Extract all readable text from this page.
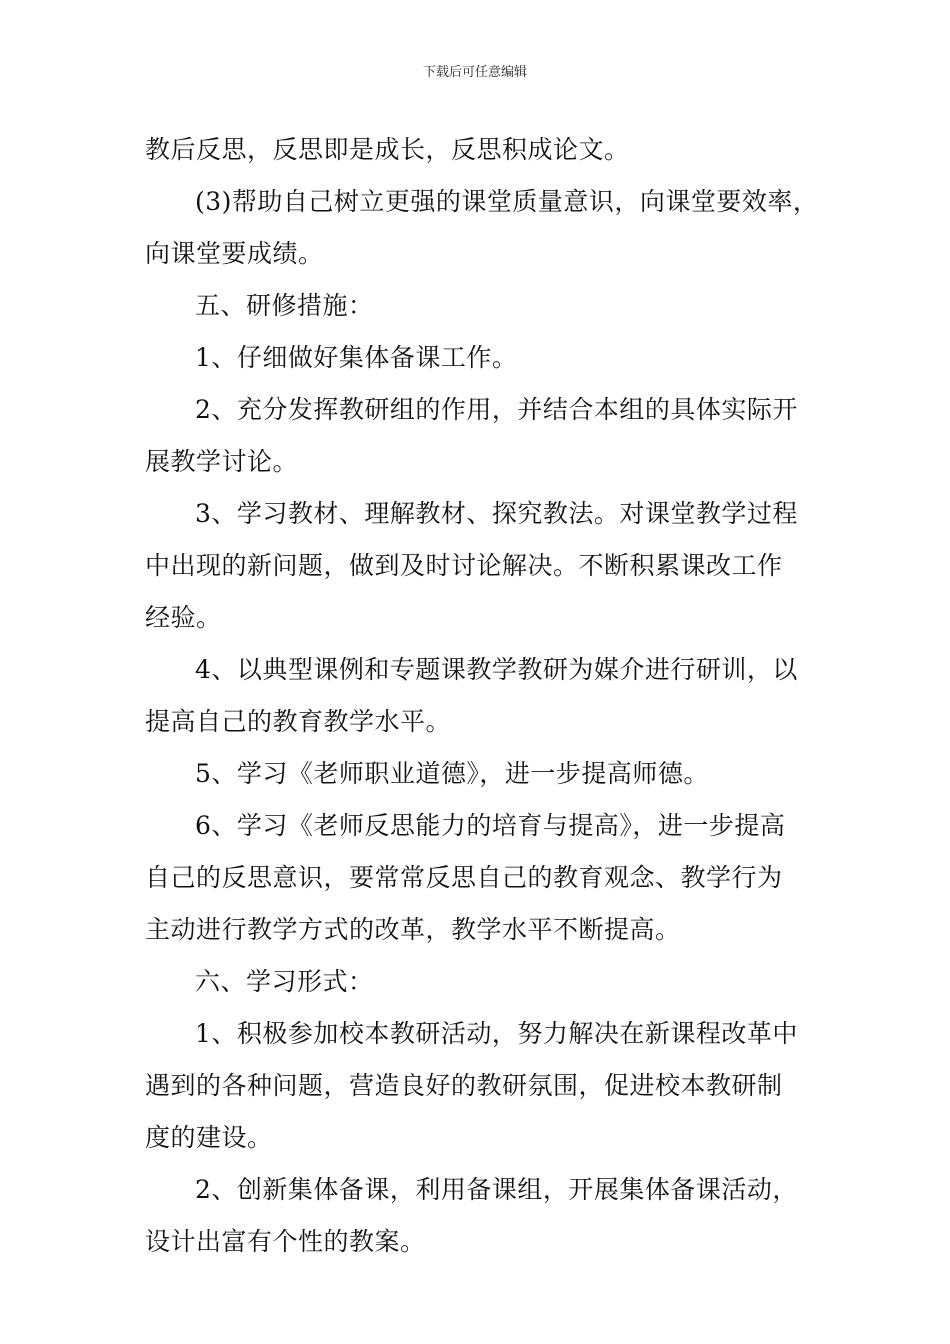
下载后可任意编辑
教后反思，反思即是成长，反思积成论文。
(3)帮助自己树立更强的课堂质量意识，向课堂要效率，
向课堂要成绩。
五、研修措施：
1、仔细做好集体备课工作。
2、充分发挥教研组的作用，并结合本组的具体实际开
展教学讨论。
3、学习教材、理解教材、探究教法。对课堂教学过程
中出现的新问题，做到及时讨论解决。不断积累课改工作
经验。
4、以典型课例和专题课教学教研为媒介进行研训，以
提高自己的教育教学水平。
5、学习《老师职业道德》，进一步提高师德。
6、学习《老师反思能力的培育与提高》，进一步提高
自己的反思意识，要常常反思自己的教育观念、教学行为
主动进行教学方式的改革，教学水平不断提高。
六、学习形式：
1、积极参加校本教研活动，努力解决在新课程改革中
遇到的各种问题，营造良好的教研氛围，促进校本教研制
度的建设。
2、创新集体备课，利用备课组，开展集体备课活动，
设计出富有个性的教案。
